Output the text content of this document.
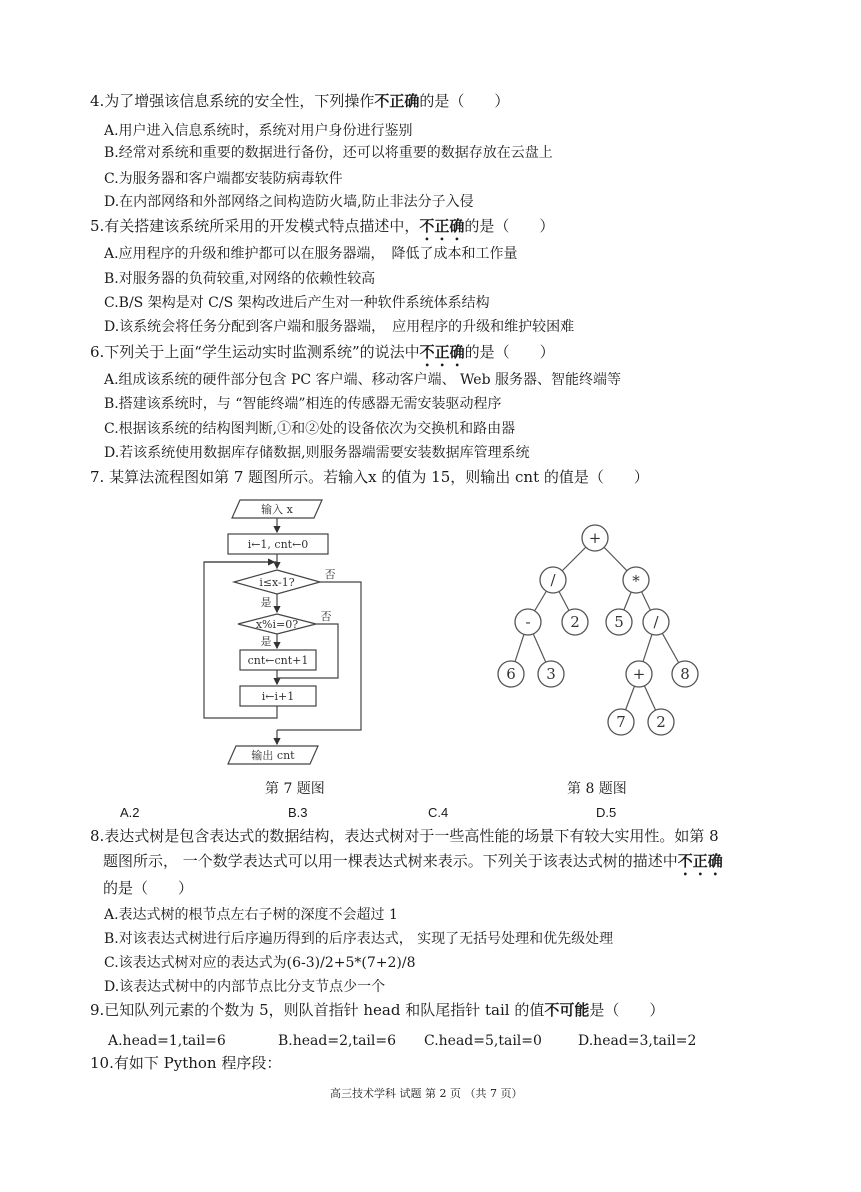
4.为了增强该信息系统的安全性，下列操作不正确的是（　　）
A.用户进入信息系统时，系统对用户身份进行鉴别
B.经常对系统和重要的数据进行备份，还可以将重要的数据存放在云盘上
C.为服务器和客户端都安装防病毒软件
D.在内部网络和外部网络之间构造防火墙,防止非法分子入侵
5.有关搭建该系统所采用的开发模式特点描述中，不正确的是（　　）
A.应用程序的升级和维护都可以在服务器端，　降低了成本和工作量
B.对服务器的负荷较重,对网络的依赖性较高
C.B/S 架构是对 C/S 架构改进后产生对一种软件系统体系结构
D.该系统会将任务分配到客户端和服务器端，　应用程序的升级和维护较困难
6.下列关于上面“学生运动实时监测系统”的说法中不正确的是（　　）
A.组成该系统的硬件部分包含 PC 客户端、移动客户端、 Web 服务器、智能终端等
B.搭建该系统时，与 “智能终端”相连的传感器无需安装驱动程序
C.根据该系统的结构图判断,①和②处的设备依次为交换机和路由器
D.若该系统使用数据库存储数据,则服务器端需要安装数据库管理系统
7. 某算法流程图如第 7 题图所示。若输入x 的值为 15，则输出 cnt 的值是（　　）
输入 x
i←1, cnt←0
i≤x-1?
否
是
x%i=0?
否
是
cnt←cnt+1
i←i+1
输出 cnt
+
/	*
-	2 5 /
6 3	+ 8
7 2
第 7 题图	第 8 题图
A.2	B.3	C.4	D.5
8.表达式树是包含表达式的数据结构，表达式树对于一些高性能的场景下有较大实用性。如第 8
题图所示， 一个数学表达式可以用一棵表达式树来表示。下列关于该表达式树的描述中不正确
的是（　　）
A.表达式树的根节点左右子树的深度不会超过 1
B.对该表达式树进行后序遍历得到的后序表达式， 实现了无括号处理和优先级处理
C.该表达式树对应的表达式为(6-3)/2+5*(7+2)/8
D.该表达式树中的内部节点比分支节点少一个
9.已知队列元素的个数为 5，则队首指针 head 和队尾指针 tail 的值不可能是（　　）
A.head=1,tail=6	B.head=2,tail=6 C.head=5,tail=0	D.head=3,tail=2
10.有如下 Python 程序段：
高三技术学科 试题 第 2 页 （共 7 页）
